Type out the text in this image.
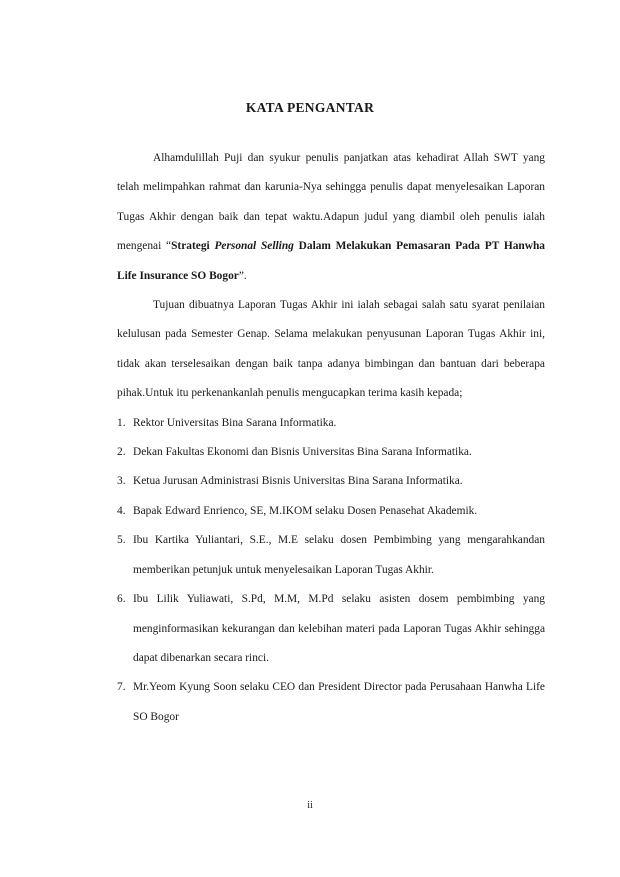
KATA PENGANTAR

Alhamdulillah Puji dan syukur penulis panjatkan atas kehadirat Allah SWT yang telah melimpahkan rahmat dan karunia-Nya sehingga penulis dapat menyelesaikan Laporan Tugas Akhir dengan baik dan tepat waktu.Adapun judul yang diambil oleh penulis ialah mengenai “Strategi Personal Selling Dalam Melakukan Pemasaran Pada PT Hanwha Life Insurance SO Bogor”.

Tujuan dibuatnya Laporan Tugas Akhir ini ialah sebagai salah satu syarat penilaian kelulusan pada Semester Genap. Selama melakukan penyusunan Laporan Tugas Akhir ini, tidak akan terselesaikan dengan baik tanpa adanya bimbingan dan bantuan dari beberapa pihak.Untuk itu perkenankanlah penulis mengucapkan terima kasih kepada;

1. Rektor Universitas Bina Sarana Informatika.
2. Dekan Fakultas Ekonomi dan Bisnis Universitas Bina Sarana Informatika.
3. Ketua Jurusan Administrasi Bisnis Universitas Bina Sarana Informatika.
4. Bapak Edward Enrienco, SE, M.IKOM selaku Dosen Penasehat Akademik.
5. Ibu Kartika Yuliantari, S.E., M.E selaku dosen Pembimbing yang mengarahkandan memberikan petunjuk untuk menyelesaikan Laporan Tugas Akhir.
6. Ibu Lilik Yuliawati, S.Pd, M.M, M.Pd selaku asisten dosem pembimbing yang menginformasikan kekurangan dan kelebihan materi pada Laporan Tugas Akhir sehingga dapat dibenarkan secara rinci.
7. Mr.Yeom Kyung Soon selaku CEO dan President Director pada Perusahaan Hanwha Life SO Bogor
ii
